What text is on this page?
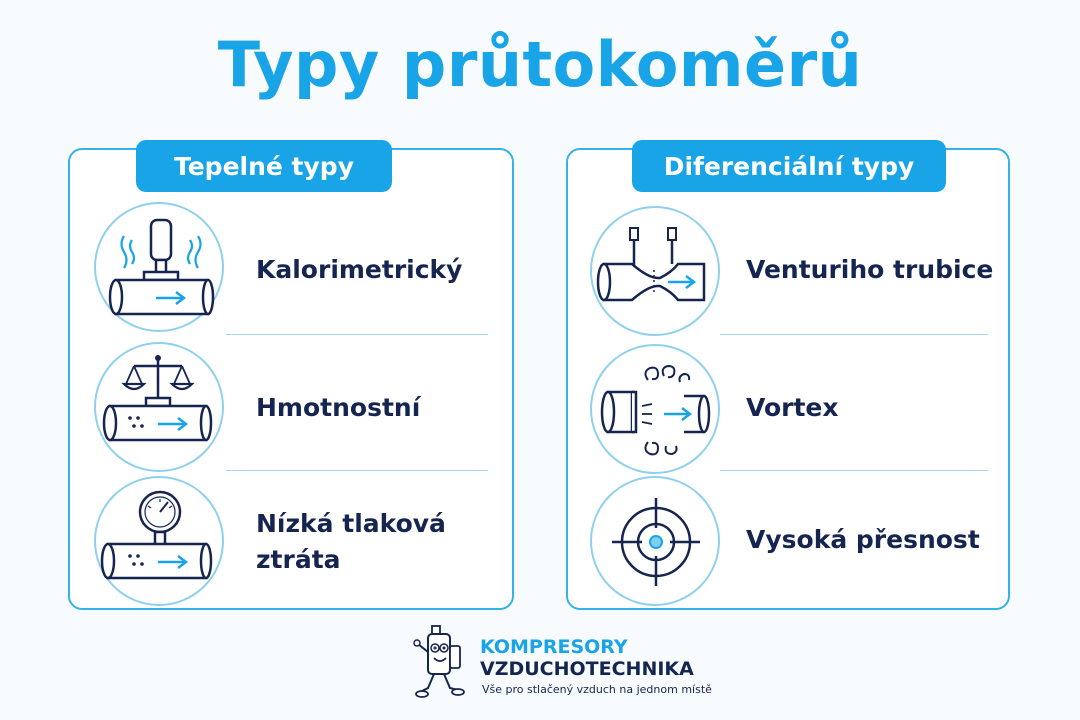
Typy průtokoměrů
Tepelné typy
Kalorimetrický
Hmotnostní
Nízká tlaková ztráta
Diferenciální typy
Venturiho trubice
Vortex
Vysoká přesnost
KOMPRESORY
VZDUCHOTECHNIKA
Vše pro stlačený vzduch na jednom místě
